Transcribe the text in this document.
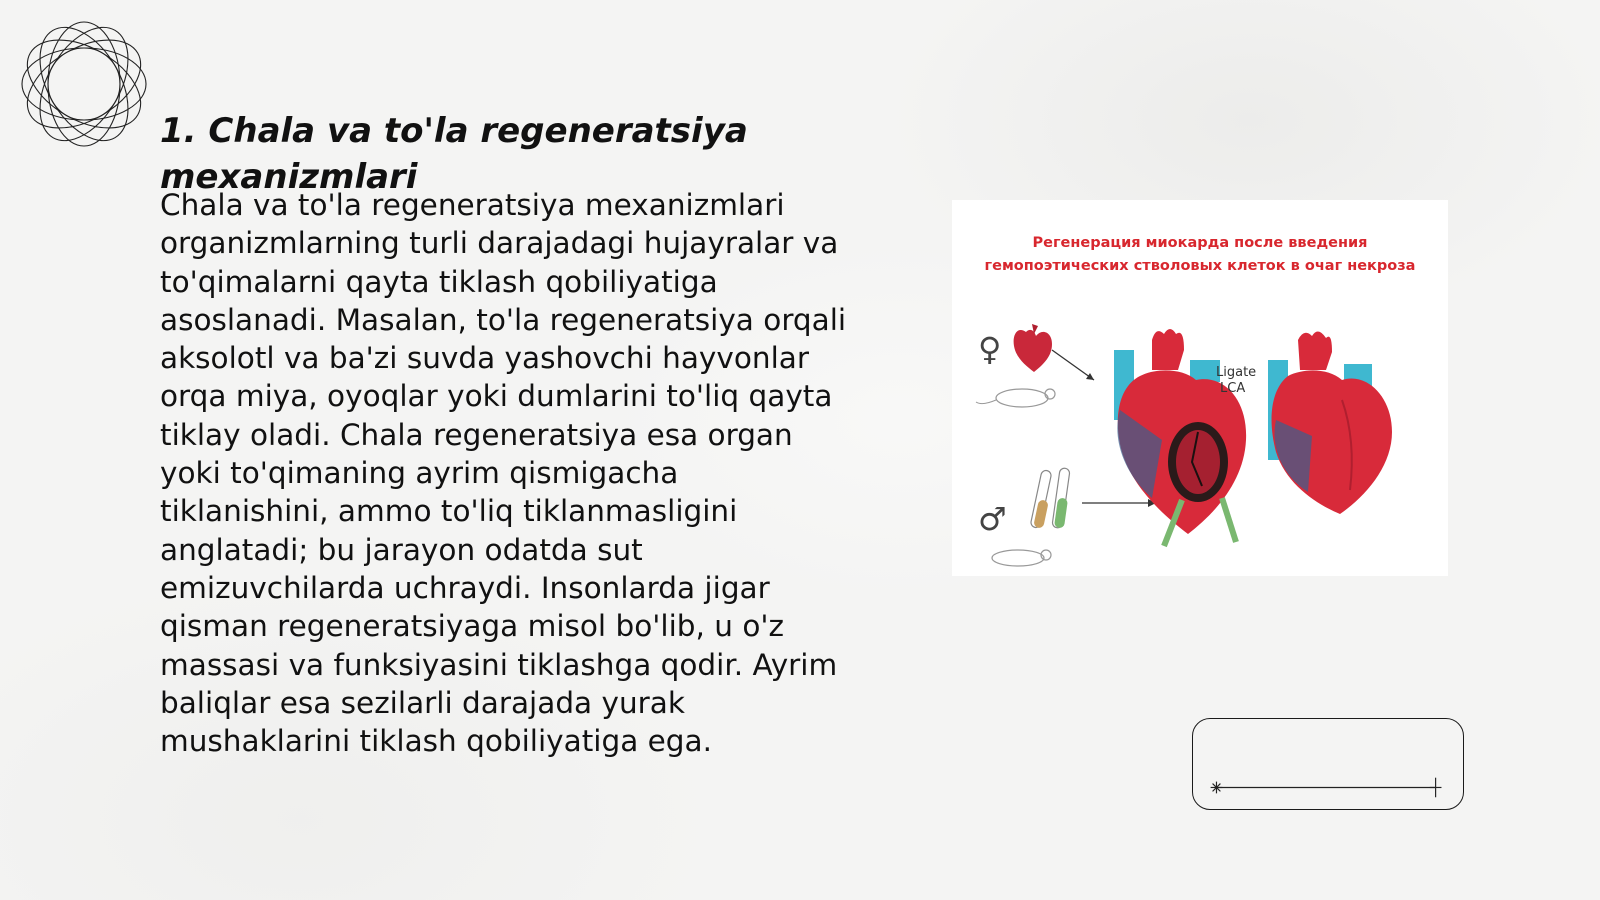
1. Chala va to'la regeneratsiya mexanizmlari

Chala va to'la regeneratsiya mexanizmlari organizmlarning turli darajadagi hujayralar va to'qimalarni qayta tiklash qobiliyatiga asoslanadi. Masalan, to'la regeneratsiya orqali aksolotl va ba'zi suvda yashovchi hayvonlar orqa miya, oyoqlar yoki dumlarini to'liq qayta tiklay oladi. Chala regeneratsiya esa organ yoki to'qimaning ayrim qismigacha tiklanishini, ammo to'liq tiklanmasligini anglatadi; bu jarayon odatda sut emizuvchilarda uchraydi. Insonlarda jigar qisman regeneratsiyaga misol bo'lib, u o'z massasi va funksiyasini tiklashga qodir. Ayrim baliqlar esa sezilarli darajada yurak mushaklarini tiklash qobiliyatiga ega.

Регенерация миокарда после введения
гемопоэтических стволовых клеток в очаг некроза
♀
♂
Ligate
LCA
